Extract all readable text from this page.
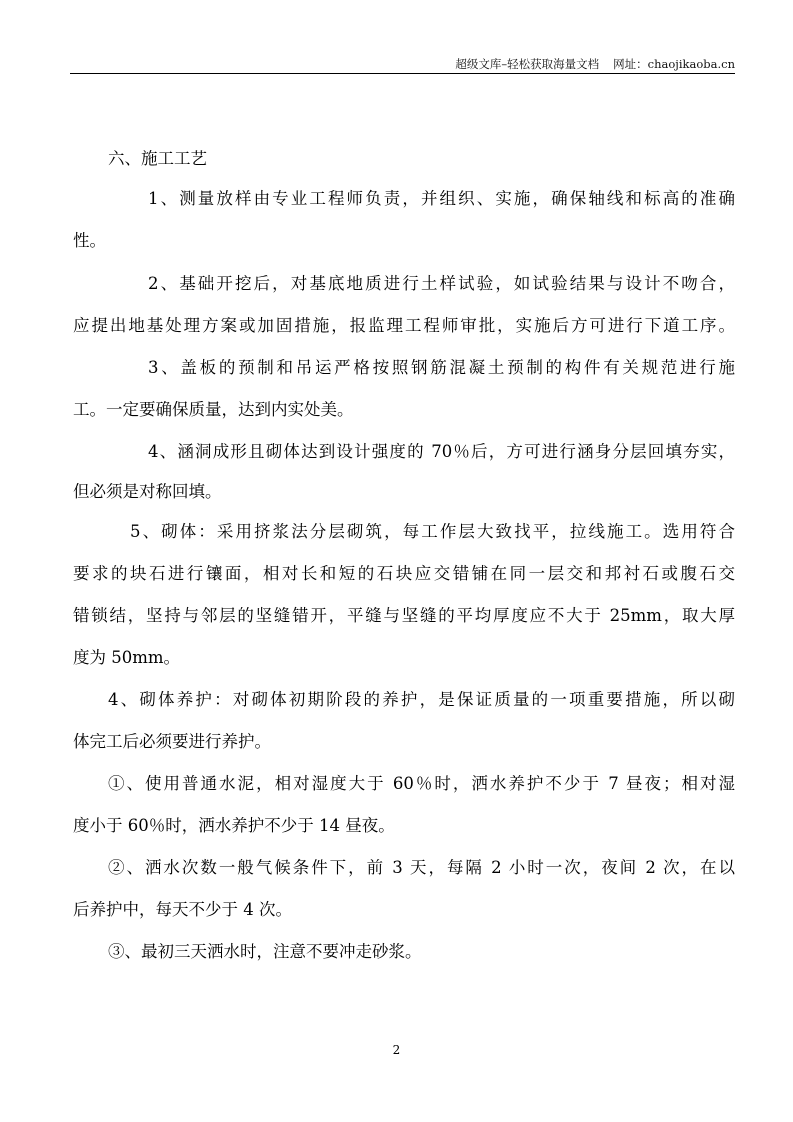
超级文库–轻松获取海量文档 网址：chaojikaoba.cn
六、施工工艺
1、测量放样由专业工程师负责，并组织、实施，确保轴线和标高的准确
性。
2、基础开挖后，对基底地质进行土样试验，如试验结果与设计不吻合，
应提出地基处理方案或加固措施，报监理工程师审批，实施后方可进行下道工序。
3、盖板的预制和吊运严格按照钢筋混凝土预制的构件有关规范进行施
工。一定要确保质量，达到内实处美。
4、涵洞成形且砌体达到设计强度的 70％后，方可进行涵身分层回填夯实，
但必须是对称回填。
5、砌体：采用挤浆法分层砌筑，每工作层大致找平，拉线施工。选用符合
要求的块石进行镶面，相对长和短的石块应交错铺在同一层交和邦衬石或腹石交
错锁结，坚持与邻层的坚缝错开，平缝与坚缝的平均厚度应不大于 25mm，取大厚
度为 50mm。
4、砌体养护：对砌体初期阶段的养护，是保证质量的一项重要措施，所以砌
体完工后必须要进行养护。
①、使用普通水泥，相对湿度大于 60％时，洒水养护不少于 7 昼夜；相对湿
度小于 60％时，洒水养护不少于 14 昼夜。
②、洒水次数一般气候条件下，前 3 天，每隔 2 小时一次，夜间 2 次，在以
后养护中，每天不少于 4 次。
③、最初三天洒水时，注意不要冲走砂浆。
2
